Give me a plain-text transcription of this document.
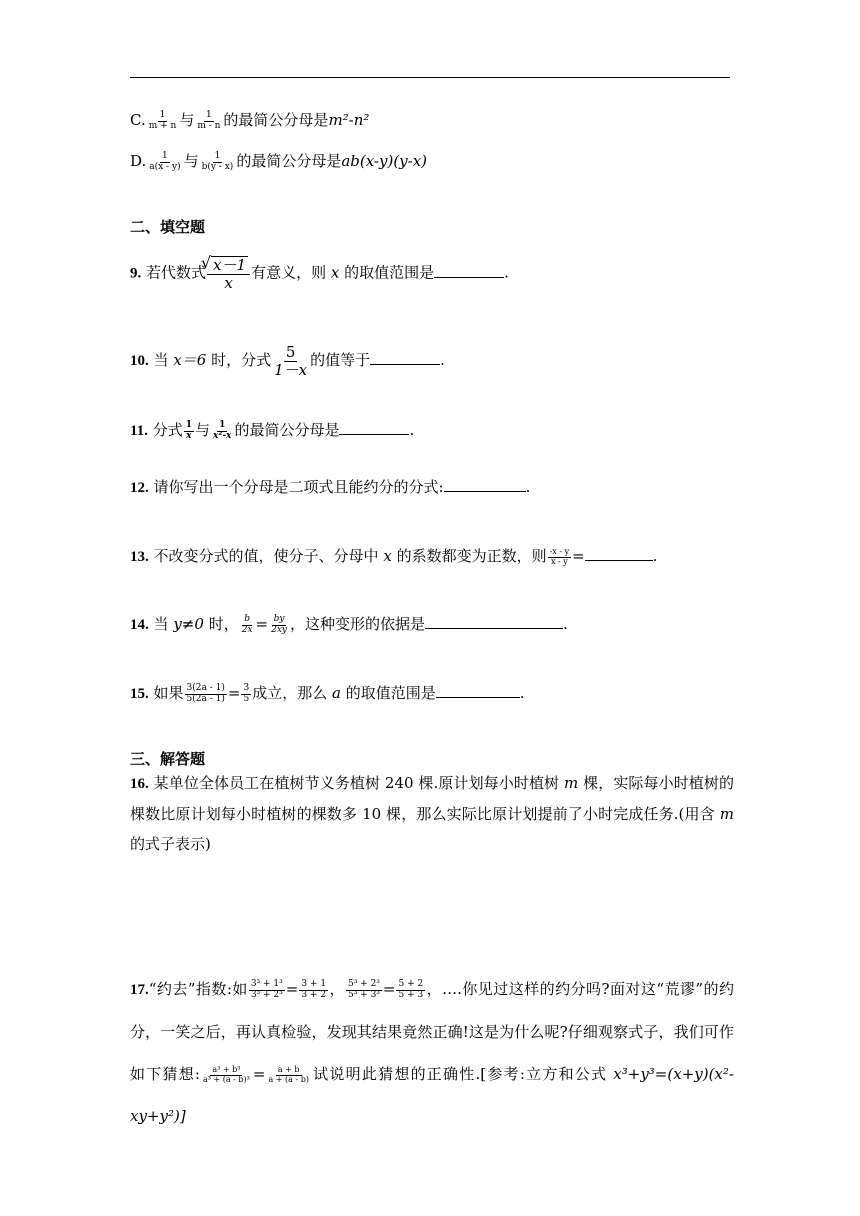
C. $\frac{1}{m + n}$ 与 $\frac{1}{m - n}$ 的最简公分母是m²-n²
D. $\frac{1}{a(x - y)}$ 与 $\frac{1}{b(y - x)}$ 的最简公分母是ab(x-y)(y-x)
二、填空题
9. 若代数式
√ $\frac{x-1}{x}$ 有意义，则 x 的取值范围是	.
10. 当 x＝6 时，分式 $\frac{5}{1-x}$ 的值等于	.
11. 分式 $\frac{1}{x}$ 与 $\frac{1}{\text{x²-x}}$ 的最简公分母是	.
12. 请你写出一个分母是二项式且能约分的分式:	.
13. 不改变分式的值，使分子、分母中 x 的系数都变为正数，则 $\frac{-x - y}{x - y}$ =	.
14. 当 y≠0 时， $\frac{b}{2x} = \frac{by}{2xy}$ ，这种变形的依据是	.
15. 如果 $\frac{3(2a - 1)}{5(2a - 1)} = \frac{3}{5}$ 成立，那么 a 的取值范围是	.
三、解答题
16. 某单位全体员工在植树节义务植树 240 棵.原计划每小时植树 m 棵，实际每小时植树的棵数比原计划每小时植树的棵数多 10 棵，那么实际比原计划提前了小时完成任务.(用含 m 的式子表示)
17.“约去”指数:如 $\frac{\text{3³ + 1³}}{\text{3³ + 2³}} = \frac{3 + 1}{3 + 2}$ ， $\frac{\text{5³ + 2³}}{\text{5³ + 3³}} = \frac{5 + 2}{5 + 3}$ ，….你见过这样的约分吗?面对这“荒谬”的约分，一笑之后，再认真检验，发现其结果竟然正确!这是为什么呢?仔细观察式子，我们可作如下猜想: $\frac{\text{a³ + b³}}{\text{a³ + (a - b)³}} = \frac{a + b}{a + (a - b)}$ 试说明此猜想的正确性.[参考:立方和公式 x³+y³=(x+y)(x²-xy+y²)]
